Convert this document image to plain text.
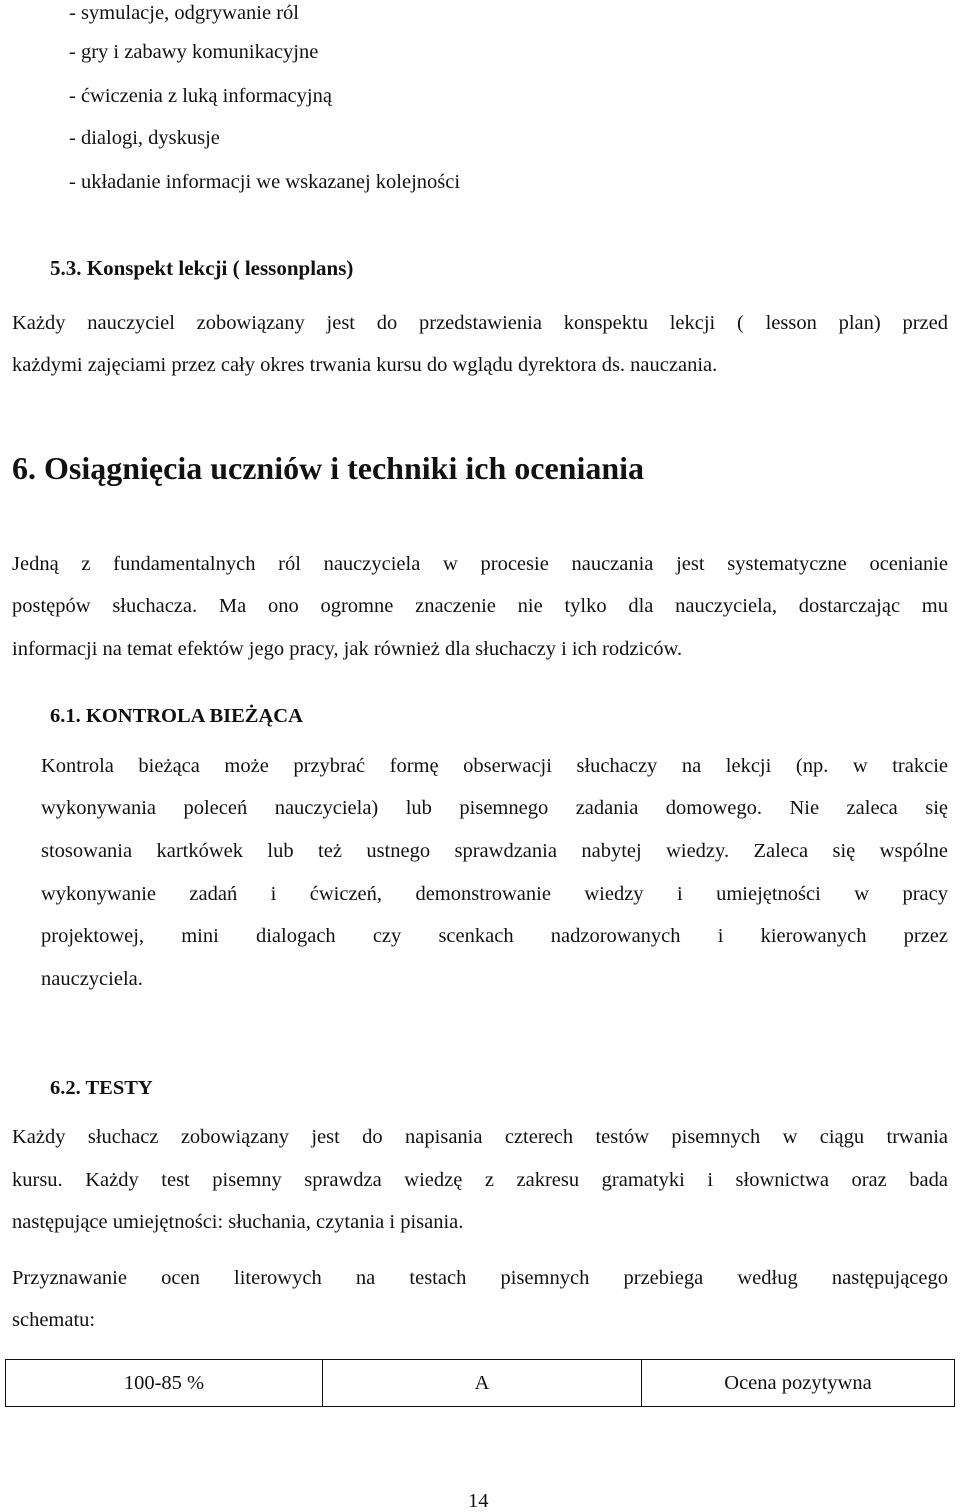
- symulacje, odgrywanie ról
- gry i zabawy komunikacyjne
- ćwiczenia z luką informacyjną
- dialogi, dyskusje
- układanie informacji we wskazanej kolejności
5.3. Konspekt lekcji ( lessonplans)
Każdy nauczyciel zobowiązany jest do przedstawienia konspektu lekcji ( lesson plan) przed
każdymi zajęciami przez cały okres trwania kursu do wglądu dyrektora ds. nauczania.
6. Osiągnięcia uczniów i techniki ich oceniania
Jedną z fundamentalnych ról nauczyciela w procesie nauczania jest systematyczne ocenianie
postępów słuchacza. Ma ono ogromne znaczenie nie tylko dla nauczyciela, dostarczając mu
informacji na temat efektów jego pracy, jak również dla słuchaczy i ich rodziców.
6.1. KONTROLA BIEŻĄCA
Kontrola bieżąca może przybrać formę obserwacji słuchaczy na lekcji (np. w trakcie
wykonywania poleceń nauczyciela) lub pisemnego zadania domowego. Nie zaleca się
stosowania kartkówek lub też ustnego sprawdzania nabytej wiedzy. Zaleca się wspólne
wykonywanie zadań i ćwiczeń, demonstrowanie wiedzy i umiejętności w pracy
projektowej, mini dialogach czy scenkach nadzorowanych i kierowanych przez
nauczyciela.
6.2. TESTY
Każdy słuchacz zobowiązany jest do napisania czterech testów pisemnych w ciągu trwania
kursu. Każdy test pisemny sprawdza wiedzę z zakresu gramatyki i słownictwa oraz bada
następujące umiejętności: słuchania, czytania i pisania.
Przyznawanie ocen literowych na testach pisemnych przebiega według następującego
schematu:
100-85 %	A	Ocena pozytywna
14
